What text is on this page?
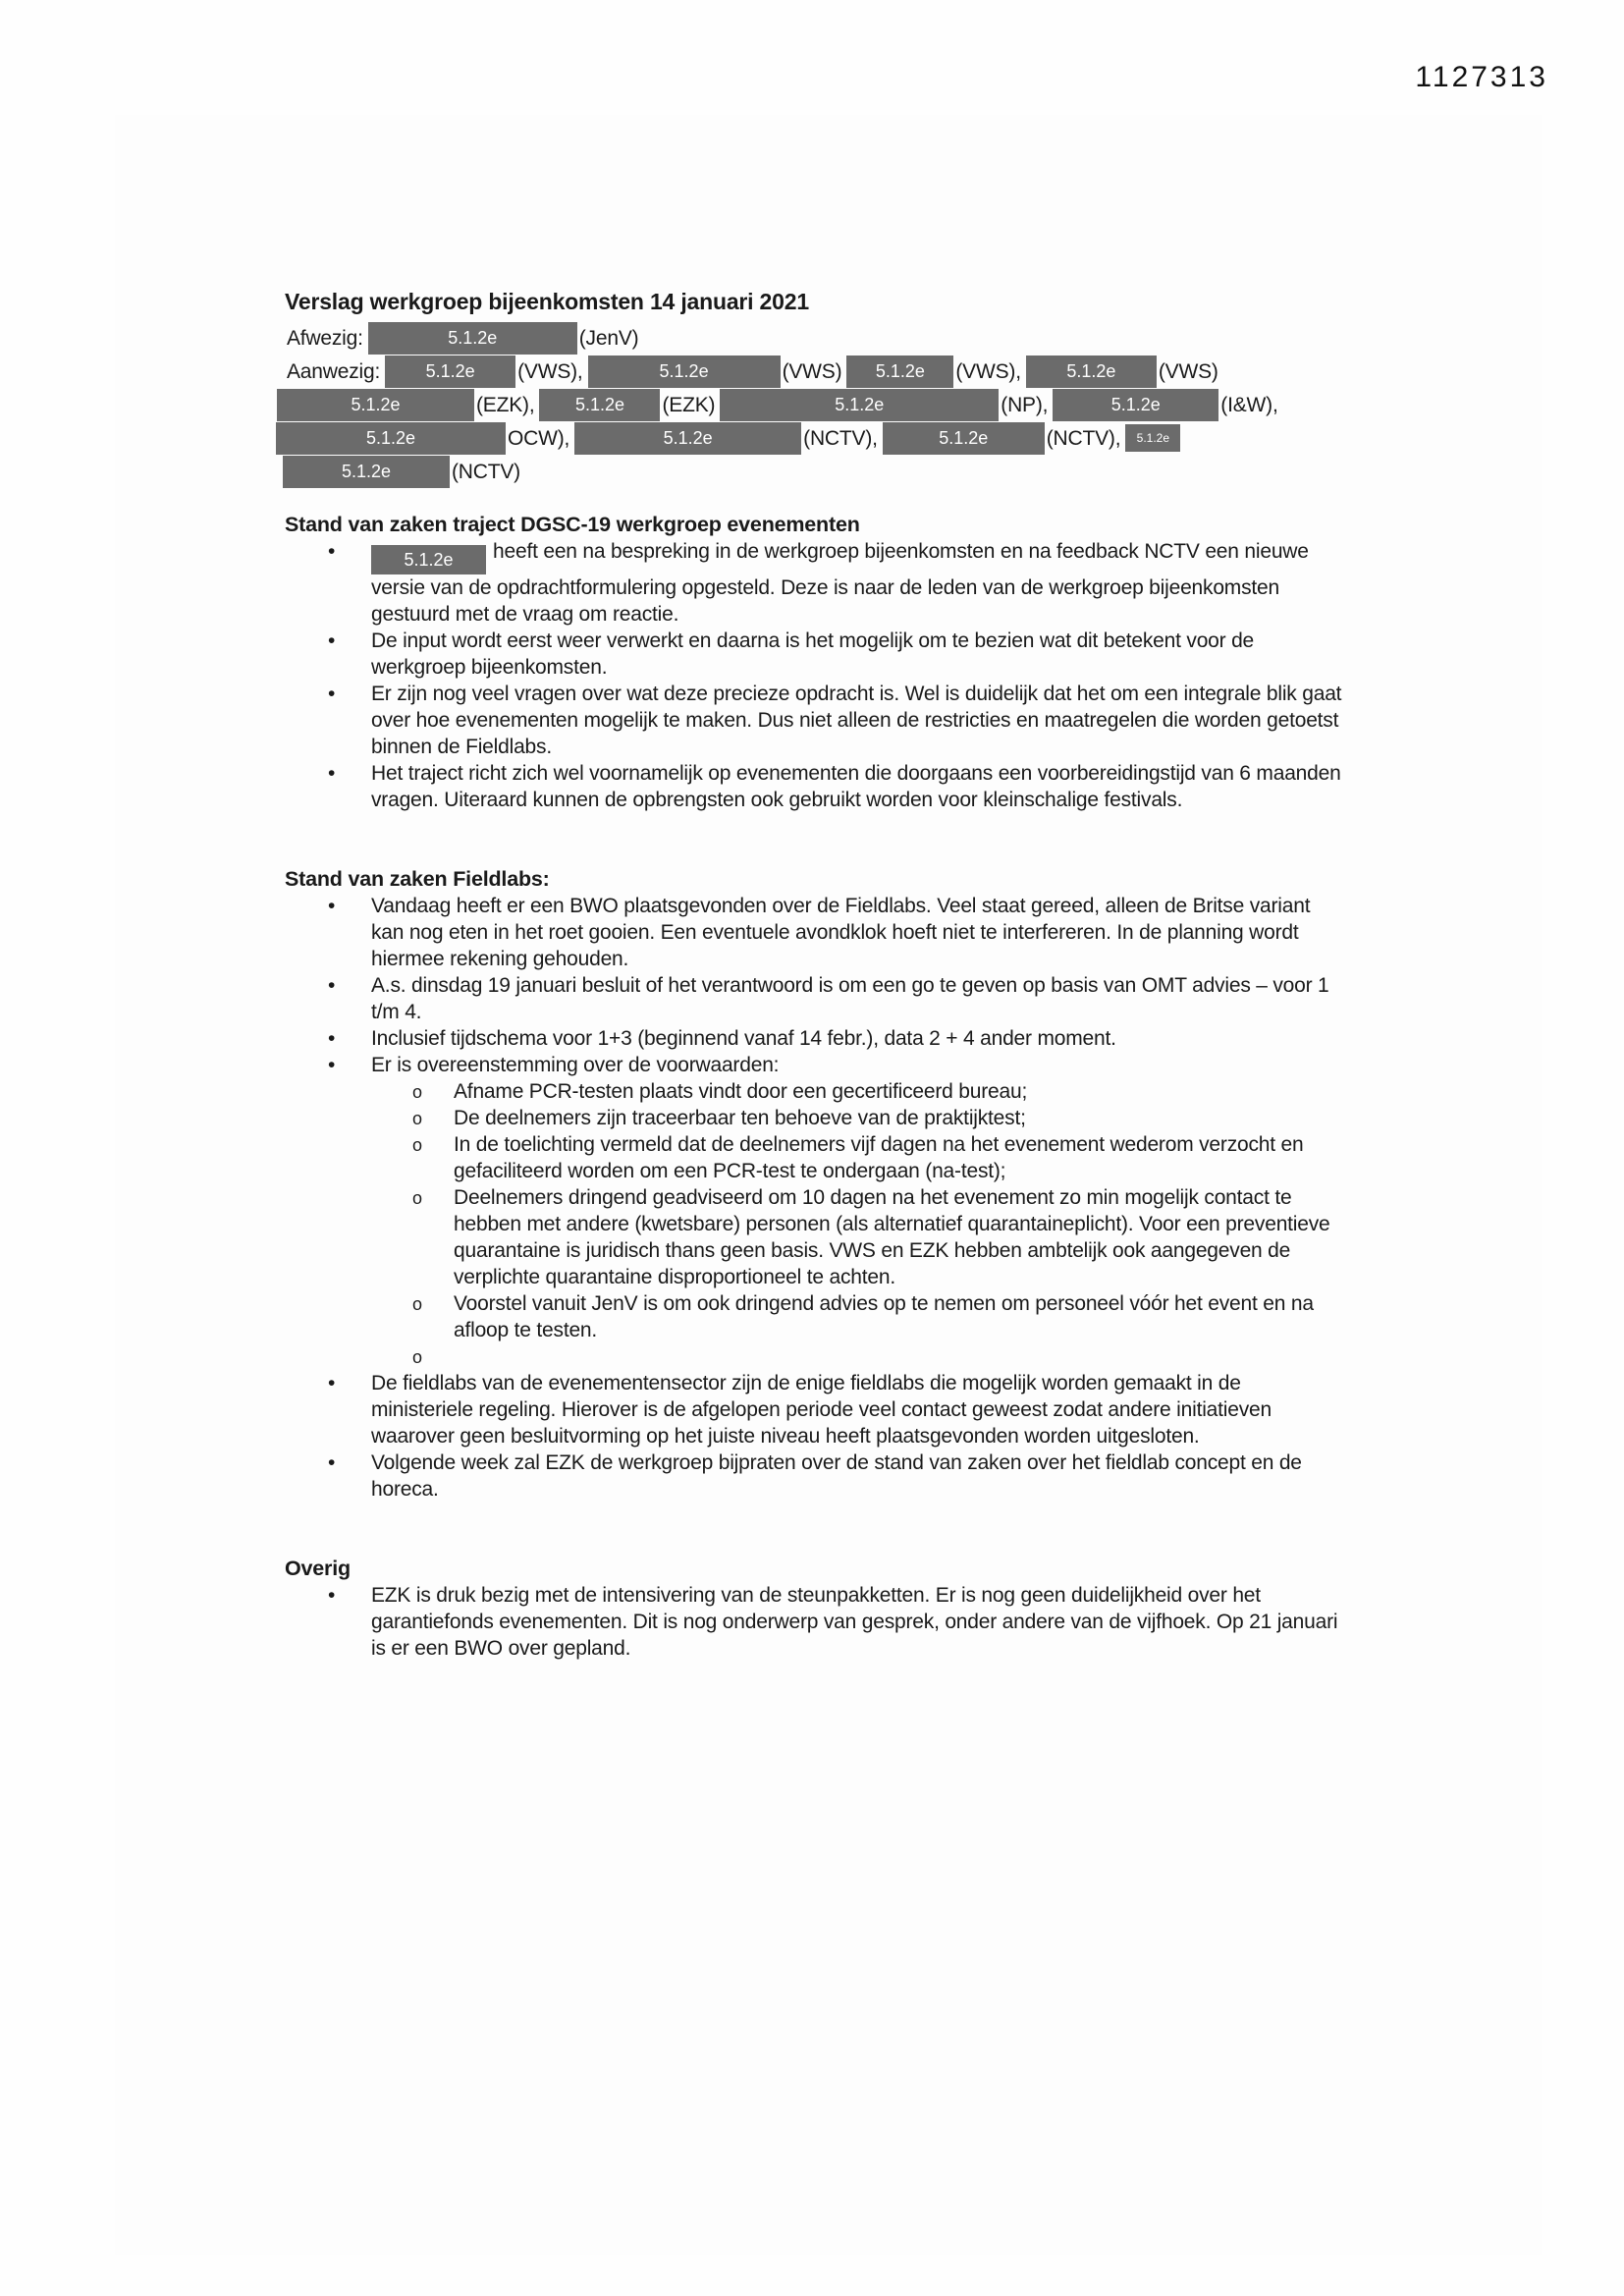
1127313
Verslag werkgroep bijeenkomsten 14 januari 2021
Afwezig:	5.1.2e	(JenV)
Aanwezig:	5.1.2e	(VWS),	5.1.2e	(VWS)	5.1.2e	(VWS),	5.1.2e	(VWS)
5.1.2e	(EZK),	5.1.2e	(EZK)	5.1.2e	(NP),	5.1.2e	(I&W),
5.1.2e	OCW),	5.1.2e	(NCTV),	5.1.2e	(NCTV),	5.1.2e
5.1.2e	(NCTV)
Stand van zaken traject DGSC-19 werkgroep evenementen
•	5.1.2e heeft een na bespreking in de werkgroep bijeenkomsten en na feedback NCTV een nieuwe versie van de opdrachtformulering opgesteld. Deze is naar de leden van de werkgroep bijeenkomsten gestuurd met de vraag om reactie.
• De input wordt eerst weer verwerkt en daarna is het mogelijk om te bezien wat dit betekent voor de werkgroep bijeenkomsten.
• Er zijn nog veel vragen over wat deze precieze opdracht is. Wel is duidelijk dat het om een integrale blik gaat over hoe evenementen mogelijk te maken. Dus niet alleen de restricties en maatregelen die worden getoetst binnen de Fieldlabs.
• Het traject richt zich wel voornamelijk op evenementen die doorgaans een voorbereidingstijd van 6 maanden vragen. Uiteraard kunnen de opbrengsten ook gebruikt worden voor kleinschalige festivals.
Stand van zaken Fieldlabs:
• Vandaag heeft er een BWO plaatsgevonden over de Fieldlabs. Veel staat gereed, alleen de Britse variant kan nog eten in het roet gooien. Een eventuele avondklok hoeft niet te interfereren. In de planning wordt hiermee rekening gehouden.
• A.s. dinsdag 19 januari besluit of het verantwoord is om een go te geven op basis van OMT advies – voor 1 t/m 4.
• Inclusief tijdschema voor 1+3 (beginnend vanaf 14 febr.), data 2 + 4 ander moment.
• Er is overeenstemming over de voorwaarden:
o Afname PCR-testen plaats vindt door een gecertificeerd bureau;
o De deelnemers zijn traceerbaar ten behoeve van de praktijktest;
o In de toelichting vermeld dat de deelnemers vijf dagen na het evenement wederom verzocht en gefaciliteerd worden om een PCR-test te ondergaan (na-test);
o Deelnemers dringend geadviseerd om 10 dagen na het evenement zo min mogelijk contact te hebben met andere (kwetsbare) personen (als alternatief quarantaineplicht). Voor een preventieve quarantaine is juridisch thans geen basis. VWS en EZK hebben ambtelijk ook aangegeven de verplichte quarantaine disproportioneel te achten.
o Voorstel vanuit JenV is om ook dringend advies op te nemen om personeel vóór het event en na afloop te testen.
o
• De fieldlabs van de evenementensector zijn de enige fieldlabs die mogelijk worden gemaakt in de ministeriele regeling. Hierover is de afgelopen periode veel contact geweest zodat andere initiatieven waarover geen besluitvorming op het juiste niveau heeft plaatsgevonden worden uitgesloten.
• Volgende week zal EZK de werkgroep bijpraten over de stand van zaken over het fieldlab concept en de horeca.
Overig
• EZK is druk bezig met de intensivering van de steunpakketten. Er is nog geen duidelijkheid over het garantiefonds evenementen. Dit is nog onderwerp van gesprek, onder andere van de vijfhoek. Op 21 januari is er een BWO over gepland.
